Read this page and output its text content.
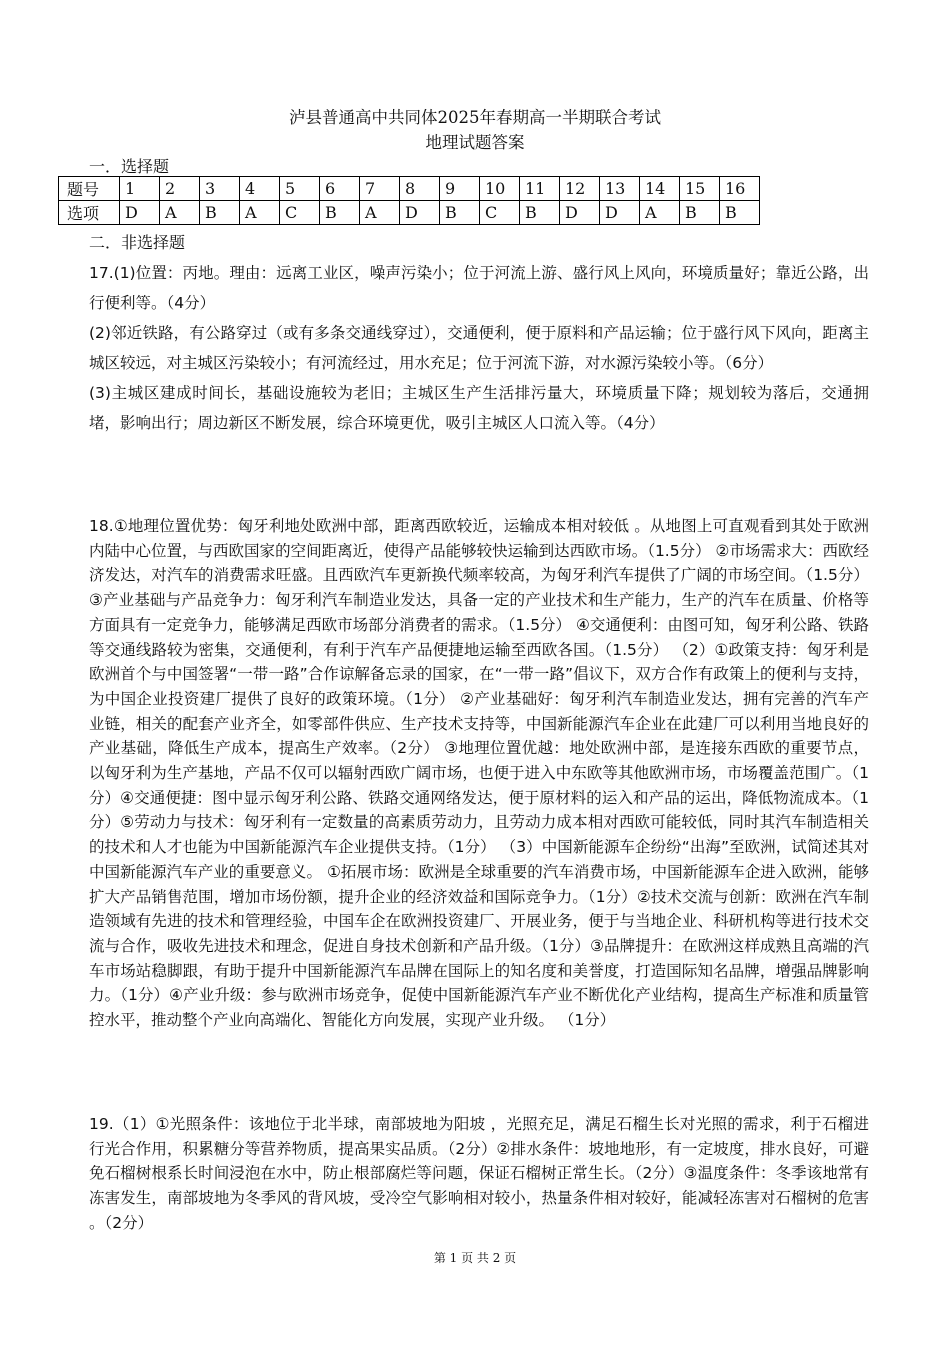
泸县普通高中共同体2025年春期高一半期联合考试
地理试题答案
一．选择题
题号	1	2	3	4	5	6	7	8	9	10	11	12	13	14	15	16
选项	D	A	B	A	C	B	A	D	B	C	B	D	D	A	B	B
二．非选择题

17.(1)位置：丙地。理由：远离工业区，噪声污染小；位于河流上游、盛行风上风向，环境质量好；靠近公路，出行便利等。（4分）

(2)邻近铁路，有公路穿过（或有多条交通线穿过），交通便利，便于原料和产品运输；位于盛行风下风向，距离主城区较远，对主城区污染较小；有河流经过，用水充足；位于河流下游，对水源污染较小等。（6分）

(3)主城区建成时间长，基础设施较为老旧；主城区生产生活排污量大，环境质量下降；规划较为落后，交通拥堵，影响出行；周边新区不断发展，综合环境更优，吸引主城区人口流入等。（4分）

18.①地理位置优势：匈牙利地处欧洲中部，距离西欧较近，运输成本相对较低 。从地图上可直观看到其处于欧洲内陆中心位置，与西欧国家的空间距离近，使得产品能够较快运输到达西欧市场。（1.5分） ②市场需求大：西欧经济发达，对汽车的消费需求旺盛。且西欧汽车更新换代频率较高，为匈牙利汽车提供了广阔的市场空间。（1.5分） ③产业基础与产品竞争力：匈牙利汽车制造业发达，具备一定的产业技术和生产能力，生产的汽车在质量、价格等方面具有一定竞争力，能够满足西欧市场部分消费者的需求。（1.5分） ④交通便利：由图可知，匈牙利公路、铁路等交通线路较为密集，交通便利，有利于汽车产品便捷地运输至西欧各国。（1.5分） （2）①政策支持：匈牙利是欧洲首个与中国签署“一带一路”合作谅解备忘录的国家，在“一带一路”倡议下，双方合作有政策上的便利与支持，为中国企业投资建厂提供了良好的政策环境。（1分） ②产业基础好：匈牙利汽车制造业发达，拥有完善的汽车产业链，相关的配套产业齐全，如零部件供应、生产技术支持等，中国新能源汽车企业在此建厂可以利用当地良好的产业基础，降低生产成本，提高生产效率。（2分） ③地理位置优越：地处欧洲中部，是连接东西欧的重要节点，以匈牙利为生产基地，产品不仅可以辐射西欧广阔市场，也便于进入中东欧等其他欧洲市场，市场覆盖范围广。（1分）④交通便捷：图中显示匈牙利公路、铁路交通网络发达，便于原材料的运入和产品的运出，降低物流成本。（1分）⑤劳动力与技术：匈牙利有一定数量的高素质劳动力，且劳动力成本相对西欧可能较低，同时其汽车制造相关的技术和人才也能为中国新能源汽车企业提供支持。（1分） （3）中国新能源车企纷纷“出海”至欧洲，试简述其对中国新能源汽车产业的重要意义。 ①拓展市场：欧洲是全球重要的汽车消费市场，中国新能源车企进入欧洲，能够扩大产品销售范围，增加市场份额，提升企业的经济效益和国际竞争力。（1分）②技术交流与创新：欧洲在汽车制造领域有先进的技术和管理经验，中国车企在欧洲投资建厂、开展业务，便于与当地企业、科研机构等进行技术交流与合作，吸收先进技术和理念，促进自身技术创新和产品升级。（1分）③品牌提升：在欧洲这样成熟且高端的汽车市场站稳脚跟，有助于提升中国新能源汽车品牌在国际上的知名度和美誉度，打造国际知名品牌，增强品牌影响力。（1分）④产业升级：参与欧洲市场竞争，促使中国新能源汽车产业不断优化产业结构，提高生产标准和质量管控水平，推动整个产业向高端化、智能化方向发展，实现产业升级。 （1分）

19.（1）①光照条件：该地位于北半球，南部坡地为阳坡 ，光照充足，满足石榴生长对光照的需求，利于石榴进行光合作用，积累糖分等营养物质，提高果实品质。（2分）②排水条件：坡地地形，有一定坡度，排水良好，可避免石榴树根系长时间浸泡在水中，防止根部腐烂等问题，保证石榴树正常生长。（2分）③温度条件：冬季该地常有冻害发生，南部坡地为冬季风的背风坡，受冷空气影响相对较小，热量条件相对较好，能减轻冻害对石榴树的危害 。（2分）

第 1 页 共 2 页
